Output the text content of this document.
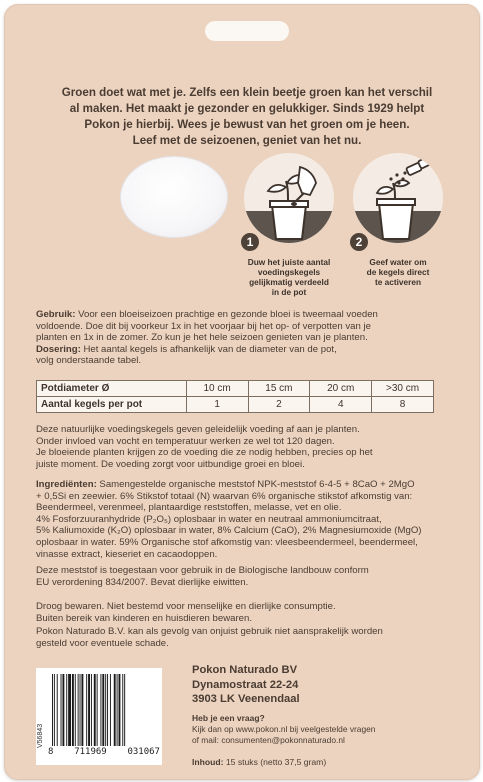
Groen doet wat met je. Zelfs een klein beetje groen kan het verschil

al maken. Het maakt je gezonder en gelukkiger. Sinds 1929 helpt

Pokon je hierbij. Wees je bewust van het groen om je heen.

Leef met de seizoenen, geniet van het nu.

1
Duw het juiste aantal
voedingskegels
gelijkmatig verdeeld
in de pot
2
Geef water om
de kegels direct
te activeren
Gebruik: Voor een bloeiseizoen prachtige en gezonde bloei is tweemaal voeden
voldoende. Doe dit bij voorkeur 1x in het voorjaar bij het op- of verpotten van je
planten en 1x in de zomer. Zo kun je het hele seizoen genieten van je planten.
Dosering: Het aantal kegels is afhankelijk van de diameter van de pot,
volg onderstaande tabel.
Potdiameter Ø	10 cm	15 cm	20 cm	>30 cm
Aantal kegels per pot	1	2	4	8
Deze natuurlijke voedingskegels geven geleidelijk voeding af aan je planten.
Onder invloed van vocht en temperatuur werken ze wel tot 120 dagen.
Je bloeiende planten krijgen zo de voeding die ze nodig hebben, precies op het
juiste moment. De voeding zorgt voor uitbundige groei en bloei.
Ingrediënten: Samengestelde organische meststof NPK-meststof 6-4-5 + 8CaO + 2MgO
+ 0,5Si en zeewier. 6% Stikstof totaal (N) waarvan 6% organische stikstof afkomstig van:
Beendermeel, verenmeel, plantaardige reststoffen, melasse, vet en olie.
4% Fosforzuuranhydride (P₂O₅) oplosbaar in water en neutraal ammoniumcitraat,
5% Kaliumoxide (K₂O) oplosbaar in water, 8% Calcium (CaO), 2% Magnesiumoxide (MgO)
oplosbaar in water. 59% Organische stof afkomstig van: vleesbeendermeel, beendermeel,
vinasse extract, kieseriet en cacaodoppen.
Deze meststof is toegestaan voor gebruik in de Biologische landbouw conform
EU verordening 834/2007. Bevat dierlijke eiwitten.
Droog bewaren. Niet bestemd voor menselijke en dierlijke consumptie.
Buiten bereik van kinderen en huisdieren bewaren.
Pokon Naturado B.V. kan als gevolg van onjuist gebruik niet aansprakelijk worden
gesteld voor eventuele schade.
V56843
8 711969 031067
Pokon Naturado BV
Dynamostraat 22-24
3903 LK Veenendaal
Heb je een vraag?
Kijk dan op www.pokon.nl bij veelgestelde vragen
of mail: consumenten@pokonnaturado.nl
Inhoud: 15 stuks (netto 37,5 gram)
